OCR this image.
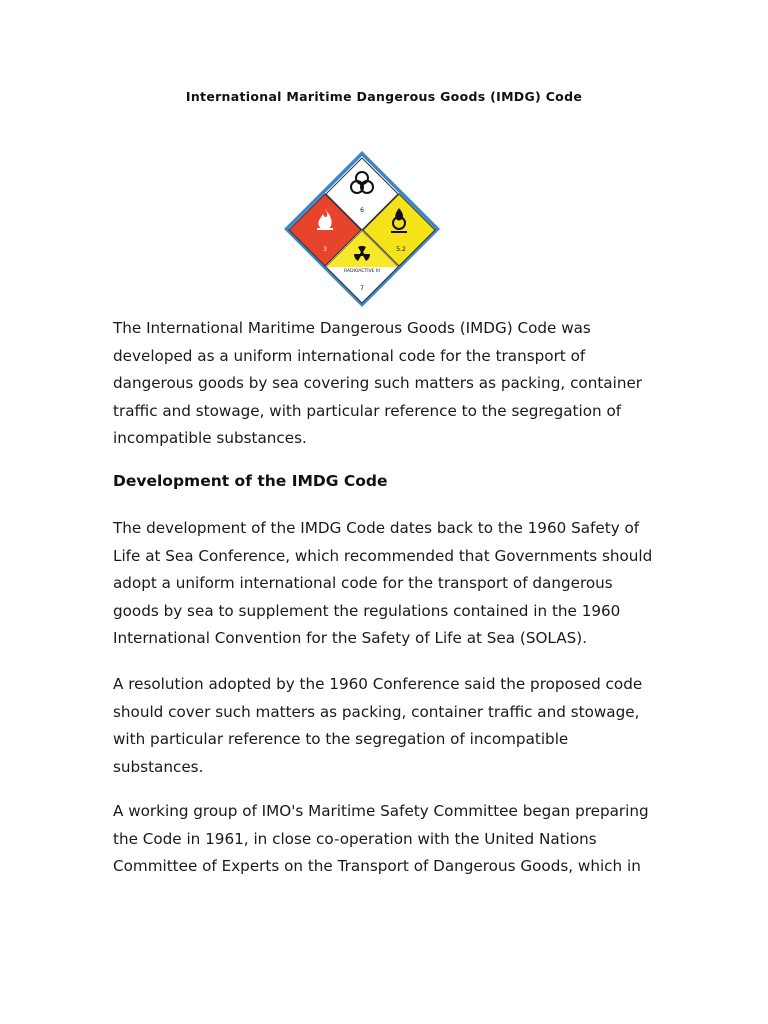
International Maritime Dangerous Goods (IMDG) Code
6
3	5.2
RADIOACTIVE III
7

The International Maritime Dangerous Goods (IMDG) Code was developed as a uniform international code for the transport of dangerous goods by sea covering such matters as packing, container traffic and stowage, with particular reference to the segregation of incompatible substances.

Development of the IMDG Code

The development of the IMDG Code dates back to the 1960 Safety of Life at Sea Conference, which recommended that Governments should adopt a uniform international code for the transport of dangerous goods by sea to supplement the regulations contained in the 1960 International Convention for the Safety of Life at Sea (SOLAS).

A resolution adopted by the 1960 Conference said the proposed code should cover such matters as packing, container traffic and stowage, with particular reference to the segregation of incompatible substances.

A working group of IMO's Maritime Safety Committee began preparing the Code in 1961, in close co-operation with the United Nations Committee of Experts on the Transport of Dangerous Goods, which in
